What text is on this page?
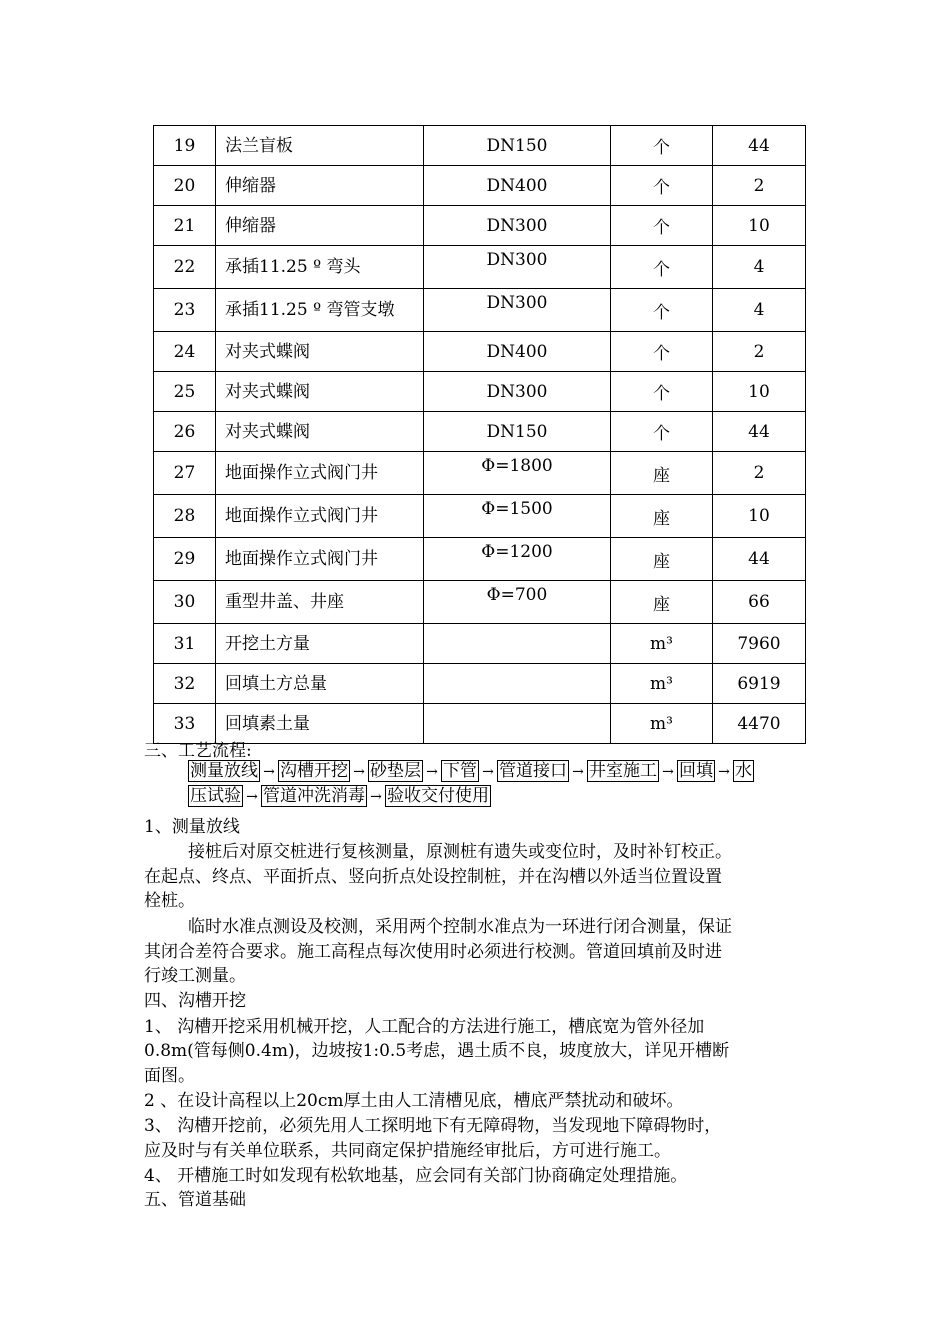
19	法兰盲板	DN150	个	44
20	伸缩器	DN400	个	2
21	伸缩器	DN300	个	10
22	承插11.25 º 弯头	DN300	个	4
23	承插11.25 º 弯管支墩	DN300	个	4
24	对夹式蝶阀	DN400	个	2
25	对夹式蝶阀	DN300	个	10
26	对夹式蝶阀	DN150	个	44
27	地面操作立式阀门井	Φ=1800	座	2
28	地面操作立式阀门井	Φ=1500	座	10
29	地面操作立式阀门井	Φ=1200	座	44
30	重型井盖、井座	Φ=700	座	66
31	开挖土方量		m³	7960
32	回填土方总量		m³	6919
33	回填素土量		m³	4470
三、工艺流程:
测量放线 → 沟槽开挖 → 砂垫层 → 下管 → 管道接口 → 井室施工 → 回填 → 水
压试验 → 管道冲洗消毒 → 验收交付使用
1、测量放线
接桩后对原交桩进行复核测量，原测桩有遗失或变位时，及时补钉校正。
在起点、终点、平面折点、竖向折点处设控制桩，并在沟槽以外适当位置设置
栓桩。
临时水准点测设及校测，采用两个控制水准点为一环进行闭合测量，保证
其闭合差符合要求。施工高程点每次使用时必须进行校测。管道回填前及时进
行竣工测量。
四、沟槽开挖
1、 沟槽开挖采用机械开挖，人工配合的方法进行施工，槽底宽为管外径加
0.8m(管每侧0.4m)，边坡按1:0.5考虑，遇土质不良，坡度放大，详见开槽断
面图。
2 、在设计高程以上20cm厚土由人工清槽见底，槽底严禁扰动和破坏。
3、 沟槽开挖前，必须先用人工探明地下有无障碍物，当发现地下障碍物时，
应及时与有关单位联系，共同商定保护措施经审批后，方可进行施工。
4、 开槽施工时如发现有松软地基，应会同有关部门协商确定处理措施。
五、管道基础
